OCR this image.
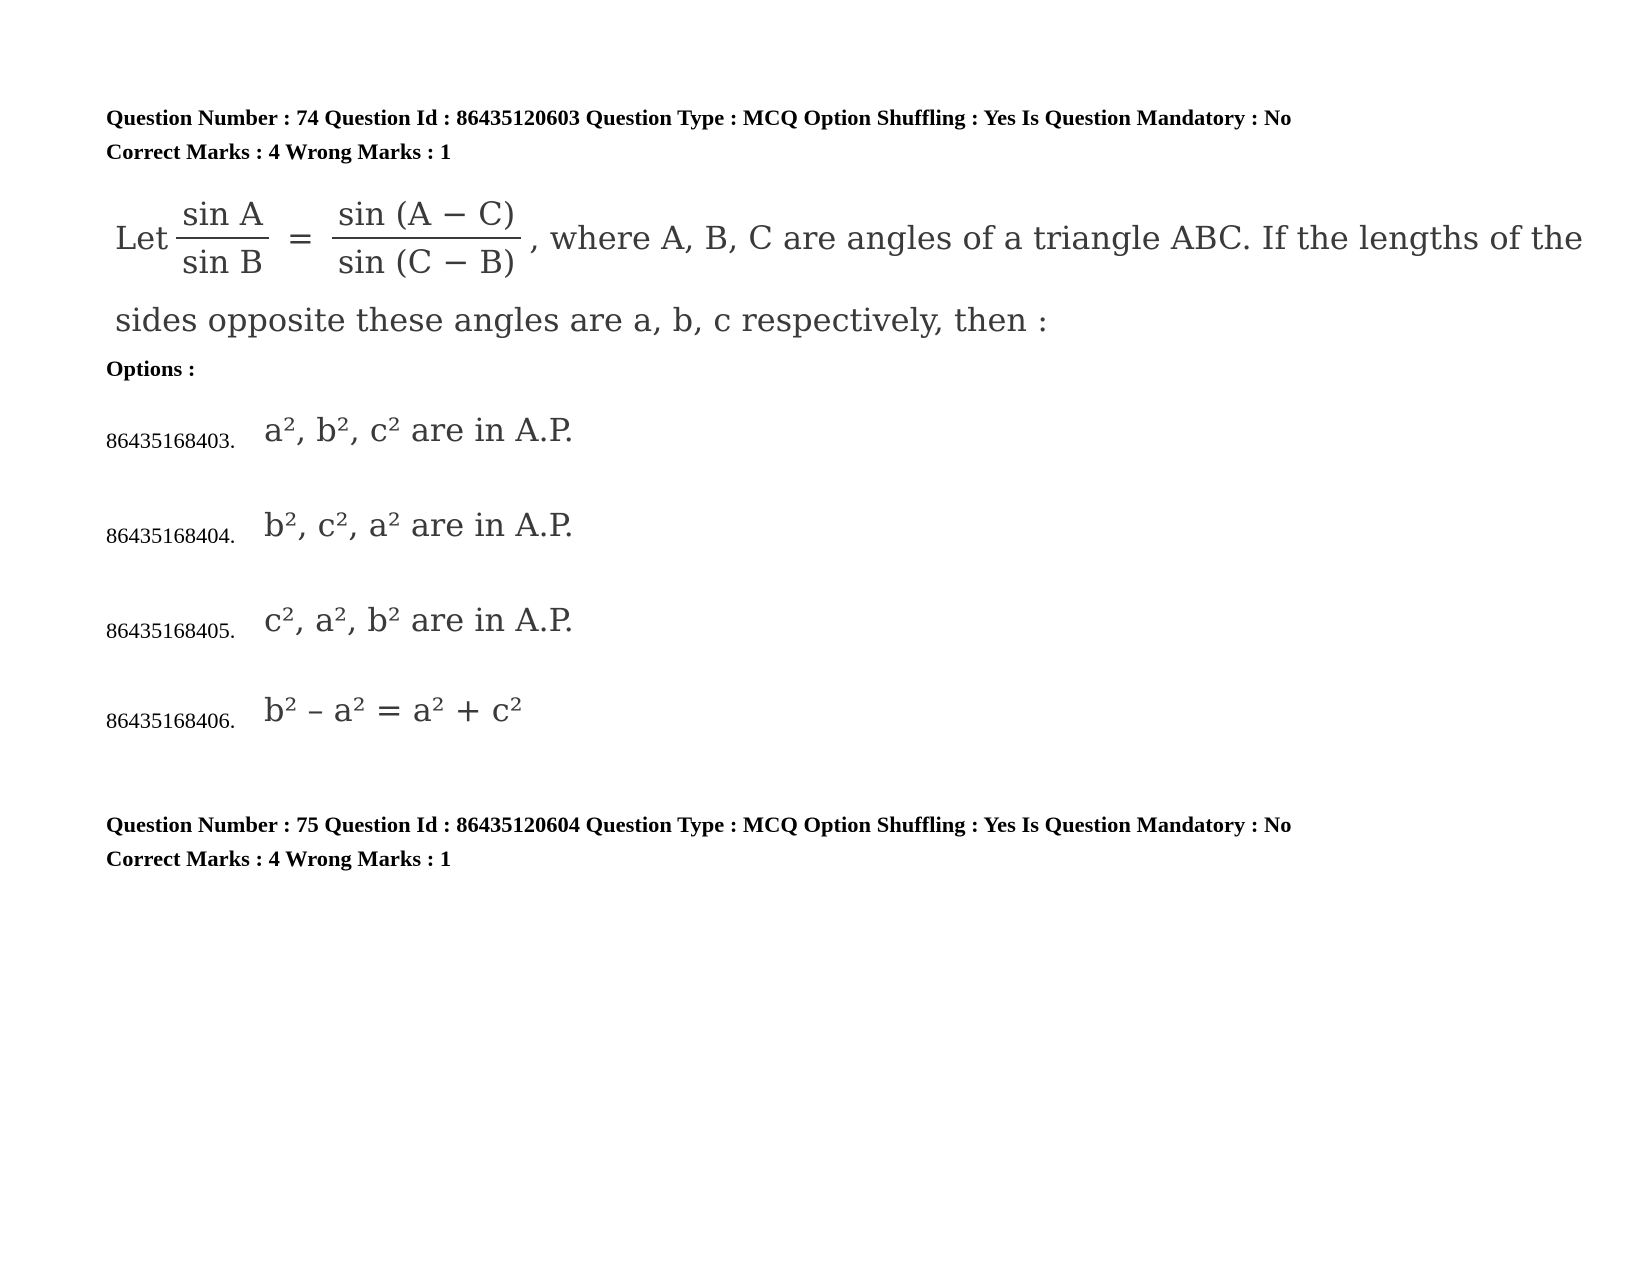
Question Number : 74 Question Id : 86435120603 Question Type : MCQ Option Shuffling : Yes Is Question Mandatory : No
Correct Marks : 4 Wrong Marks : 1
Let $\frac{\text{sin A}}{\text{sin B}} = \frac{\sin (A - C)}{\sin (C - B)}$ , where A, B, C are angles of a triangle ABC. If the lengths of the
sides opposite these angles are a, b, c respectively, then :
Options :
86435168403. a², b², c² are in A.P.
86435168404. b², c², a² are in A.P.
86435168405. c², a², b² are in A.P.
86435168406. b² – a² = a² + c²
Question Number : 75 Question Id : 86435120604 Question Type : MCQ Option Shuffling : Yes Is Question Mandatory : No
Correct Marks : 4 Wrong Marks : 1
